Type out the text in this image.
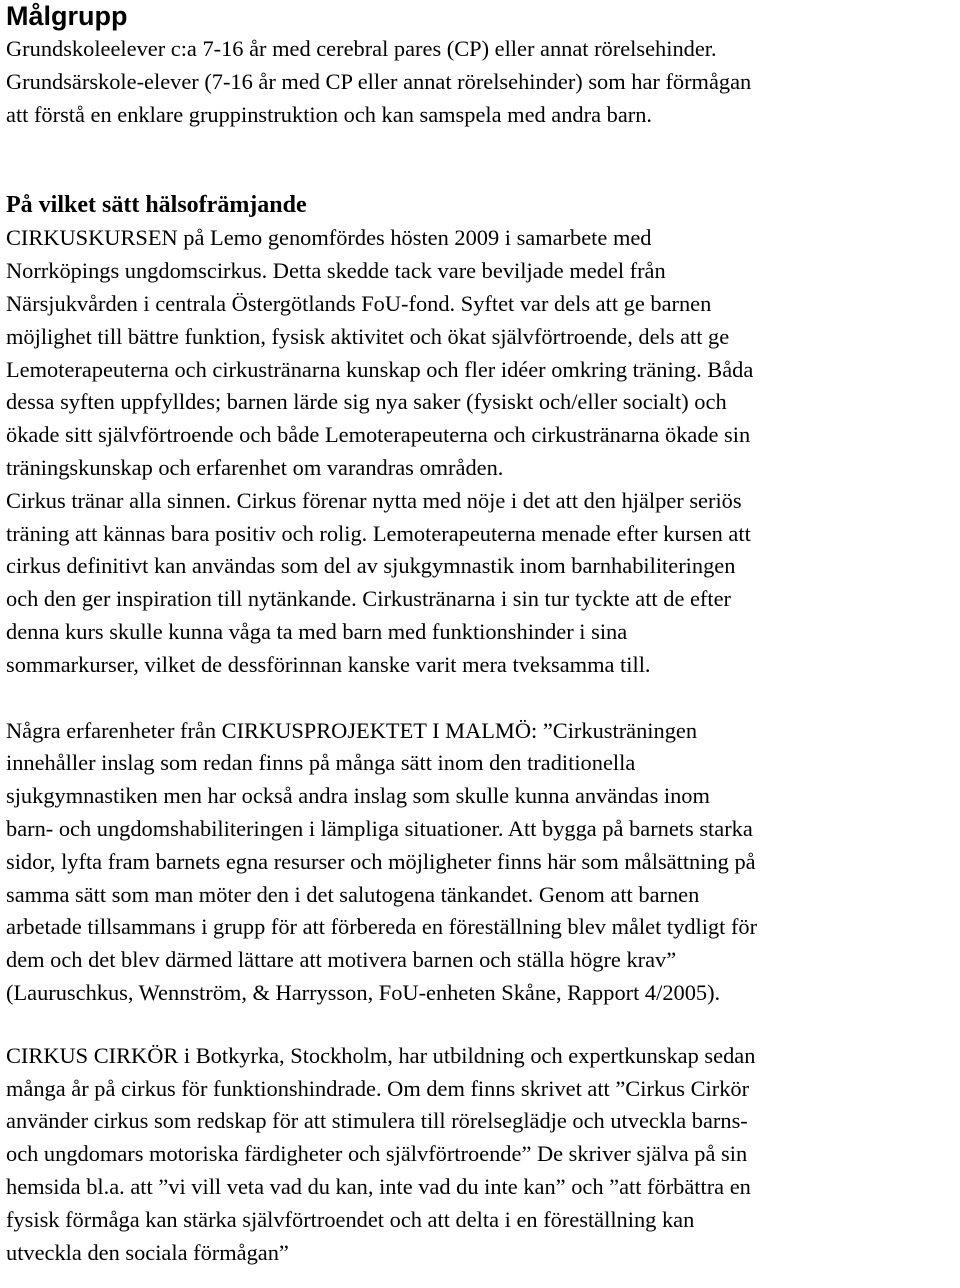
Målgrupp
Grundskoleelever c:a 7-16 år med cerebral pares (CP) eller annat rörelsehinder.
Grundsärskole-elever (7-16 år med CP eller annat rörelsehinder) som har förmågan
att förstå en enklare gruppinstruktion och kan samspela med andra barn.
På vilket sätt hälsofrämjande
CIRKUSKURSEN på Lemo genomfördes hösten 2009 i samarbete med
Norrköpings ungdomscirkus. Detta skedde tack vare beviljade medel från
Närsjukvården i centrala Östergötlands FoU-fond. Syftet var dels att ge barnen
möjlighet till bättre funktion, fysisk aktivitet och ökat självförtroende, dels att ge
Lemoterapeuterna och cirkustränarna kunskap och fler idéer omkring träning. Båda
dessa syften uppfylldes; barnen lärde sig nya saker (fysiskt och/eller socialt) och
ökade sitt självförtroende och både Lemoterapeuterna och cirkustränarna ökade sin
träningskunskap och erfarenhet om varandras områden.
Cirkus tränar alla sinnen. Cirkus förenar nytta med nöje i det att den hjälper seriös
träning att kännas bara positiv och rolig. Lemoterapeuterna menade efter kursen att
cirkus definitivt kan användas som del av sjukgymnastik inom barnhabiliteringen
och den ger inspiration till nytänkande. Cirkustränarna i sin tur tyckte att de efter
denna kurs skulle kunna våga ta med barn med funktionshinder i sina
sommarkurser, vilket de dessförinnan kanske varit mera tveksamma till.
Några erfarenheter från CIRKUSPROJEKTET I MALMÖ: ”Cirkusträningen
innehåller inslag som redan finns på många sätt inom den traditionella
sjukgymnastiken men har också andra inslag som skulle kunna användas inom
barn- och ungdomshabiliteringen i lämpliga situationer. Att bygga på barnets starka
sidor, lyfta fram barnets egna resurser och möjligheter finns här som målsättning på
samma sätt som man möter den i det salutogena tänkandet. Genom att barnen
arbetade tillsammans i grupp för att förbereda en föreställning blev målet tydligt för
dem och det blev därmed lättare att motivera barnen och ställa högre krav”
(Lauruschkus, Wennström, & Harrysson, FoU-enheten Skåne, Rapport 4/2005).
CIRKUS CIRKÖR i Botkyrka, Stockholm, har utbildning och expertkunskap sedan
många år på cirkus för funktionshindrade. Om dem finns skrivet att ”Cirkus Cirkör
använder cirkus som redskap för att stimulera till rörelseglädje och utveckla barns-
och ungdomars motoriska färdigheter och självförtroende” De skriver själva på sin
hemsida bl.a. att ”vi vill veta vad du kan, inte vad du inte kan” och ”att förbättra en
fysisk förmåga kan stärka självförtroendet och att delta i en föreställning kan
utveckla den sociala förmågan”
